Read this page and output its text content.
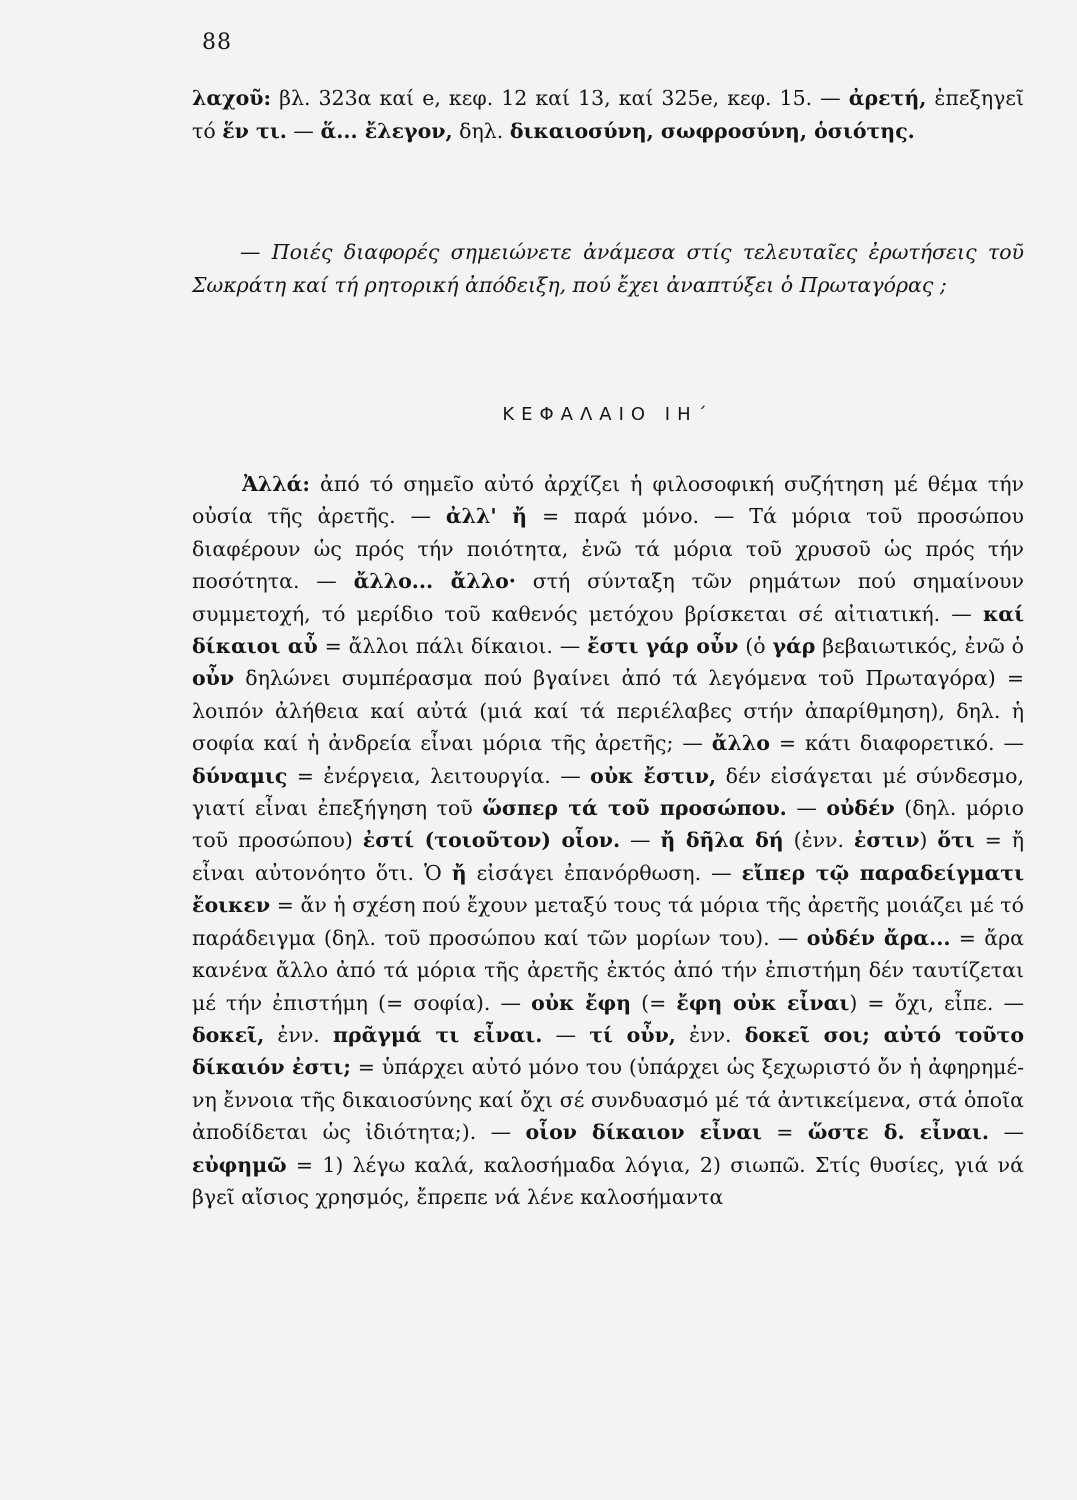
88
λαχοῦ: βλ. 323α καί e, κεφ. 12 καί 13, καί 325e, κεφ. 15. — ἀρετή, ἐπεξηγεῖ τό ἕν τι. — ἅ... ἔλεγον, δηλ. δικαιοσύνη, σωφροσύνη, ὁσιότης.
— Ποιές διαφορές σημειώνετε ἀνάμεσα στίς τελευταῖες ἐρωτήσεις τοῦ Σωκράτη καί τή ρητορική ἀπόδειξη, πού ἔχει ἀναπτύξει ὁ Πρωταγόρας ;
ΚΕΦΑΛΑΙΟ ΙΗ΄
Ἀλλά: ἀπό τό σημεῖο αὐτό ἀρχίζει ἡ φιλοσοφική συζήτηση μέ θέμα τήν οὐσία τῆς ἀρετῆς. — ἀλλ' ἤ = παρά μόνο. — Τά μόρια τοῦ προσώπου διαφέρουν ὡς πρός τήν ποιότητα, ἐνῶ τά μόρια τοῦ χρυσοῦ ὡς πρός τήν ποσότητα. — ἄλλο... ἄλλο· στή σύνταξη τῶν ρημάτων πού σημαίνουν συμμετοχή, τό μερίδιο τοῦ καθενός μετόχου βρίσκεται σέ αἰτιατική. — καί δίκαιοι αὖ = ἄλλοι πάλι δίκαιοι. — ἔστι γάρ οὖν (ὁ γάρ βεβαιωτικός, ἐνῶ ὁ οὖν δηλώνει συμπέρασμα πού βγαίνει ἀπό τά λεγόμενα τοῦ Πρωταγόρα) = λοιπόν ἀλήθεια καί αὐτά (μιά καί τά περιέλαβες στήν ἀπαρίθμηση), δηλ. ἡ σοφία καί ἡ ἀνδρεία εἶναι μόρια τῆς ἀρετῆς; — ἄλλο = κάτι διαφορετικό. — δύναμις = ἐνέργεια, λειτουργία. — οὐκ ἔστιν, δέν εἰσάγεται μέ σύνδεσμο, γιατί εἶναι ἐπεξήγηση τοῦ ὥσπερ τά τοῦ προσώπου. — οὐδέν (δηλ. μόριο τοῦ προσώπου) ἐστί (τοιοῦτον) οἷον. — ἤ δῆλα δή (ἐνν. ἐστιν) ὅτι = ἤ εἶναι αὐτονόητο ὅτι. Ὁ ἤ εἰσάγει ἐπανόρθωση. — εἴπερ τῷ παραδείγματι ἔοικεν = ἄν ἡ σχέση πού ἔχουν μεταξύ τους τά μόρια τῆς ἀρετῆς μοιάζει μέ τό παράδειγμα (δηλ. τοῦ προσώπου καί τῶν μορίων του). — οὐδέν ἄρα... = ἄρα κανένα ἄλλο ἀπό τά μόρια τῆς ἀρετῆς ἐκτός ἀπό τήν ἐπιστήμη δέν ταυτίζεται μέ τήν ἐπιστήμη (= σοφία). — οὐκ ἔφη (= ἔφη οὐκ εἶναι) = ὄχι, εἶπε. — δοκεῖ, ἐνν. πρᾶγμά τι εἶναι. — τί οὖν, ἐνν. δοκεῖ σοι; αὐτό τοῦτο δίκαιόν ἐστι; = ὑπάρχει αὐτό μόνο του (ὑπάρχει ὡς ξεχωριστό ὄν ἡ ἀφηρημένη ἔννοια τῆς δικαιοσύνης καί ὄχι σέ συνδυασμό μέ τά ἀντικείμενα, στά ὁποῖα ἀποδίδεται ὡς ἰδιότητα;). — οἷον δίκαιον εἶναι = ὥστε δ. εἶναι. — εὐφημῶ = 1) λέγω καλά, καλοσήμαδα λόγια, 2) σιωπῶ. Στίς θυσίες, γιά νά βγεῖ αἴσιος χρησμός, ἔπρεπε νά λένε καλοσήμαντα
